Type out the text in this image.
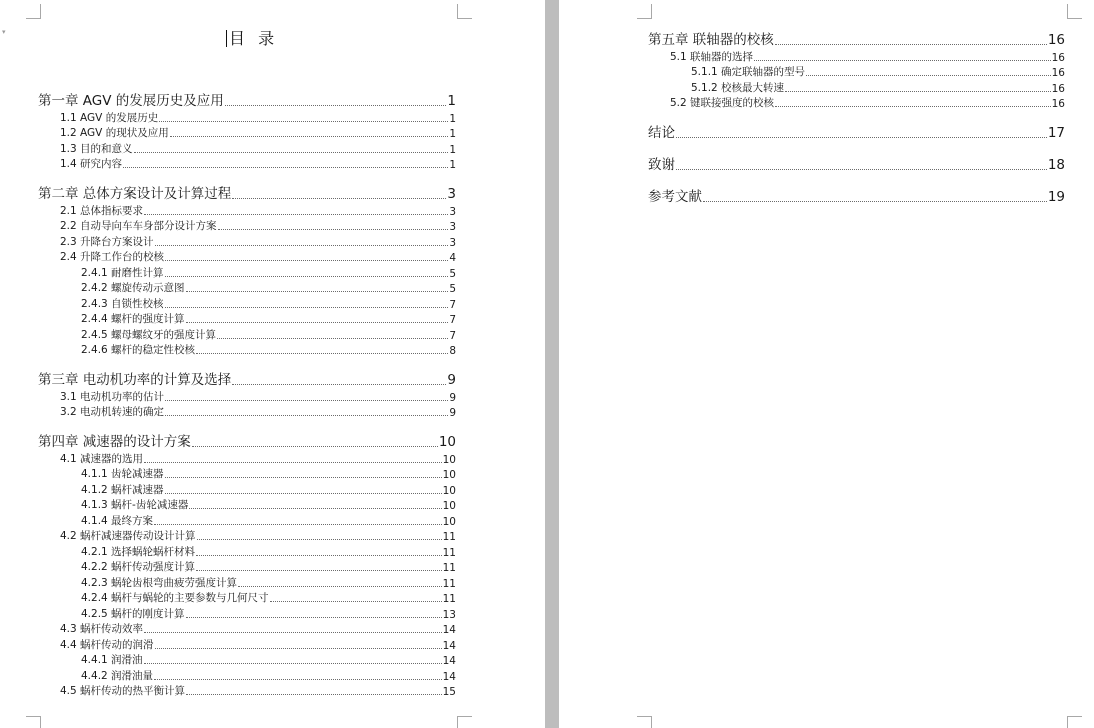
▾	目 录
第一章 AGV 的发展历史及应用	1
1.1 AGV 的发展历史	1
1.2 AGV 的现状及应用	1
1.3 目的和意义	1
1.4 研究内容	1
第二章 总体方案设计及计算过程	3
2.1 总体指标要求	3
2.2 自动导向车车身部分设计方案	3
2.3 升降台方案设计	3
2.4 升降工作台的校核	4
2.4.1 耐磨性计算	5
2.4.2 螺旋传动示意图	5
2.4.3 自锁性校核	7
2.4.4 螺杆的强度计算	7
2.4.5 螺母螺纹牙的强度计算	7
2.4.6 螺杆的稳定性校核	8
第三章 电动机功率的计算及选择	9
3.1 电动机功率的估计	9
3.2 电动机转速的确定	9
第四章 减速器的设计方案	10
4.1 减速器的选用	10
4.1.1 齿轮减速器	10
4.1.2 蜗杆减速器	10
4.1.3 蜗杆-齿轮减速器	10
4.1.4 最终方案	10
4.2 蜗杆减速器传动设计计算	11
4.2.1 选择蜗轮蜗杆材料	11
4.2.2 蜗杆传动强度计算	11
4.2.3 蜗轮齿根弯曲疲劳强度计算	11
4.2.4 蜗杆与蜗轮的主要参数与几何尺寸	11
4.2.5 蜗杆的刚度计算	13
4.3 蜗杆传动效率	14
4.4 蜗杆传动的润滑	14
4.4.1 润滑油	14
4.4.2 润滑油量	14
4.5 蜗杆传动的热平衡计算	15
第五章 联轴器的校核	16
5.1 联轴器的选择	16
5.1.1 确定联轴器的型号	16
5.1.2 校核最大转速	16
5.2 键联接强度的校核	16
结论	17
致谢	18
参考文献	19
